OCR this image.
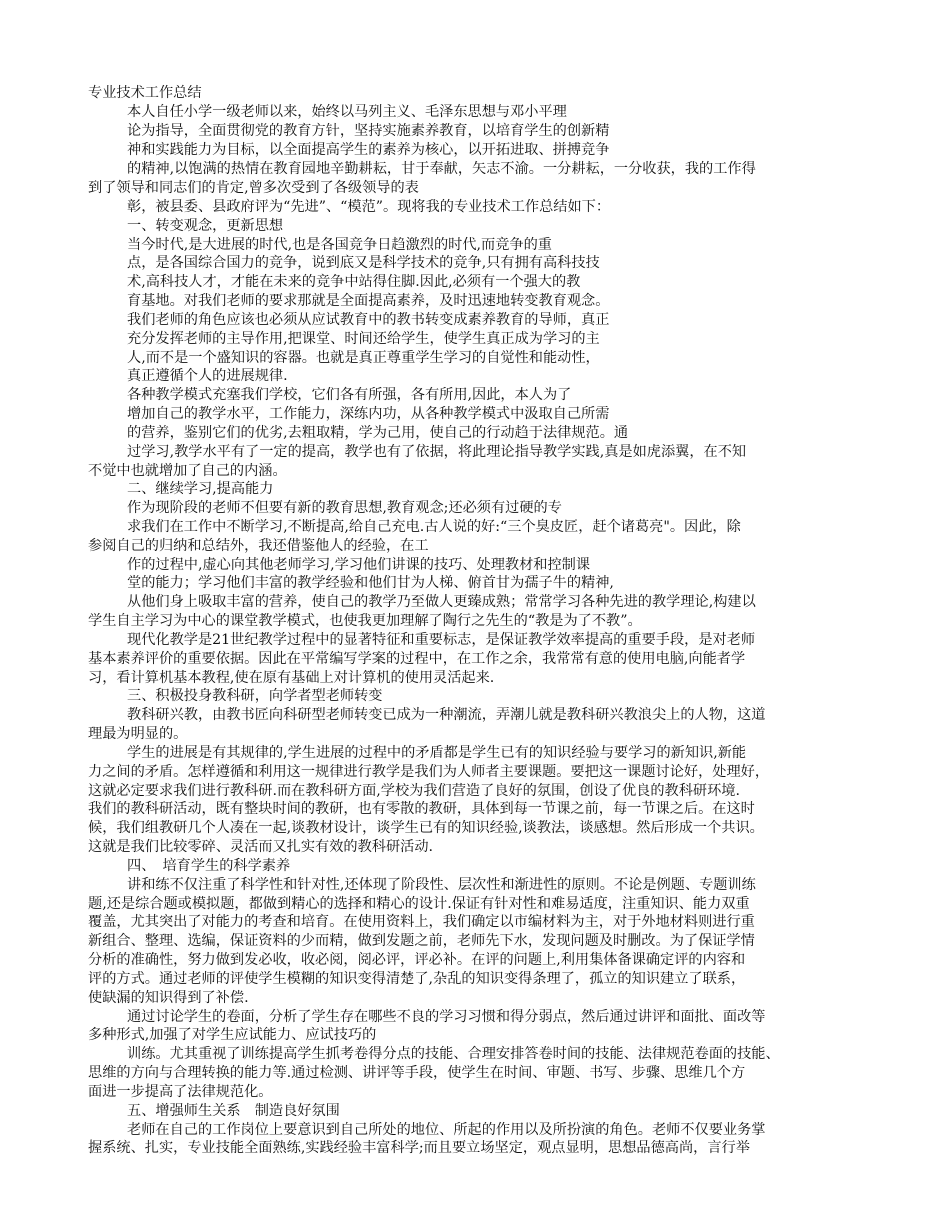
专业技术工作总结
本人自任小学一级老师以来，始终以马列主义、毛泽东思想与邓小平理
论为指导，全面贯彻党的教育方针，坚持实施素养教育，以培育学生的创新精
神和实践能力为目标，以全面提高学生的素养为核心，以开拓进取、拼搏竞争
的精神,以饱满的热情在教育园地辛勤耕耘，甘于奉献，矢志不渝。一分耕耘，一分收获，我的工作得
到了领导和同志们的肯定,曾多次受到了各级领导的表
彰，被县委、县政府评为“先进”、“模范”。现将我的专业技术工作总结如下：
一、转变观念，更新思想
当今时代,是大进展的时代,也是各国竞争日趋激烈的时代,而竞争的重
点，是各国综合国力的竞争，说到底又是科学技术的竞争,只有拥有高科技技
术,高科技人才，才能在未来的竞争中站得住脚.因此,必须有一个强大的教
育基地。对我们老师的要求那就是全面提高素养，及时迅速地转变教育观念。
我们老师的角色应该也必须从应试教育中的教书转变成素养教育的导师，真正
充分发挥老师的主导作用,把课堂、时间还给学生，使学生真正成为学习的主
人,而不是一个盛知识的容器。也就是真正尊重学生学习的自觉性和能动性，
真正遵循个人的进展规律.
各种教学模式充塞我们学校，它们各有所强，各有所用,因此，本人为了
增加自己的教学水平，工作能力，深练内功，从各种教学模式中汲取自己所需
的营养，鉴别它们的优劣,去粗取精，学为己用，使自己的行动趋于法律规范。通
过学习,教学水平有了一定的提高，教学也有了依据，将此理论指导教学实践,真是如虎添翼，在不知
不觉中也就增加了自己的内涵。
二、继续学习,提高能力
作为现阶段的老师不但要有新的教育思想,教育观念;还必须有过硬的专
求我们在工作中不断学习,不断提高,给自己充电.古人说的好:“三个臭皮匠，赶个诸葛亮"。因此，除
参阅自己的归纳和总结外，我还借鉴他人的经验，在工
作的过程中,虚心向其他老师学习,学习他们讲课的技巧、处理教材和控制课
堂的能力；学习他们丰富的教学经验和他们甘为人梯、俯首甘为孺子牛的精神,
从他们身上吸取丰富的营养，使自己的教学乃至做人更臻成熟；常常学习各种先进的教学理论,构建以
学生自主学习为中心的课堂教学模式，也使我更加理解了陶行之先生的“教是为了不教”。
现代化教学是21世纪教学过程中的显著特征和重要标志，是保证教学效率提高的重要手段，是对老师
基本素养评价的重要依据。因此在平常编写学案的过程中，在工作之余，我常常有意的使用电脑,向能者学
习，看计算机基本教程,使在原有基础上对计算机的使用灵活起来.
三、积极投身教科研，向学者型老师转变
教科研兴教，由教书匠向科研型老师转变已成为一种潮流，弄潮儿就是教科研兴教浪尖上的人物，这道
理最为明显的。
学生的进展是有其规律的,学生进展的过程中的矛盾都是学生已有的知识经验与要学习的新知识,新能
力之间的矛盾。怎样遵循和利用这一规律进行教学是我们为人师者主要课题。要把这一课题讨论好，处理好，
这就必定要求我们进行教科研.而在教科研方面,学校为我们营造了良好的氛围，创设了优良的教科研环境.
我们的教科研活动，既有整块时间的教研，也有零散的教研，具体到每一节课之前，每一节课之后。在这时
候，我们组教研几个人凑在一起,谈教材设计，谈学生已有的知识经验,谈教法，谈感想。然后形成一个共识。
这就是我们比较零碎、灵活而又扎实有效的教科研活动.
四、　培育学生的科学素养
讲和练不仅注重了科学性和针对性,还体现了阶段性、层次性和渐进性的原则。不论是例题、专题训练
题,还是综合题或模拟题，都做到精心的选择和精心的设计.保证有针对性和难易适度，注重知识、能力双重
覆盖，尤其突出了对能力的考查和培育。在使用资料上，我们确定以市编材料为主，对于外地材料则进行重
新组合、整理、选编，保证资料的少而精，做到发题之前，老师先下水，发现问题及时删改。为了保证学情
分析的准确性，努力做到发必收，收必阅，阅必评，评必补。在评的问题上,利用集体备课确定评的内容和
评的方式。通过老师的评使学生模糊的知识变得清楚了,杂乱的知识变得条理了，孤立的知识建立了联系，
使缺漏的知识得到了补偿.
通过讨论学生的卷面，分析了学生存在哪些不良的学习习惯和得分弱点，然后通过讲评和面批、面改等
多种形式,加强了对学生应试能力、应试技巧的
训练。尤其重视了训练提高学生抓考卷得分点的技能、合理安排答卷时间的技能、法律规范卷面的技能、
思维的方向与合理转换的能力等.通过检测、讲评等手段，使学生在时间、审题、书写、步骤、思维几个方
面进一步提高了法律规范化。
五、增强师生关系　制造良好氛围
老师在自己的工作岗位上要意识到自己所处的地位、所起的作用以及所扮演的角色。老师不仅要业务掌
握系统、扎实，专业技能全面熟练,实践经验丰富科学;而且要立场坚定，观点显明，思想品德高尚，言行举
